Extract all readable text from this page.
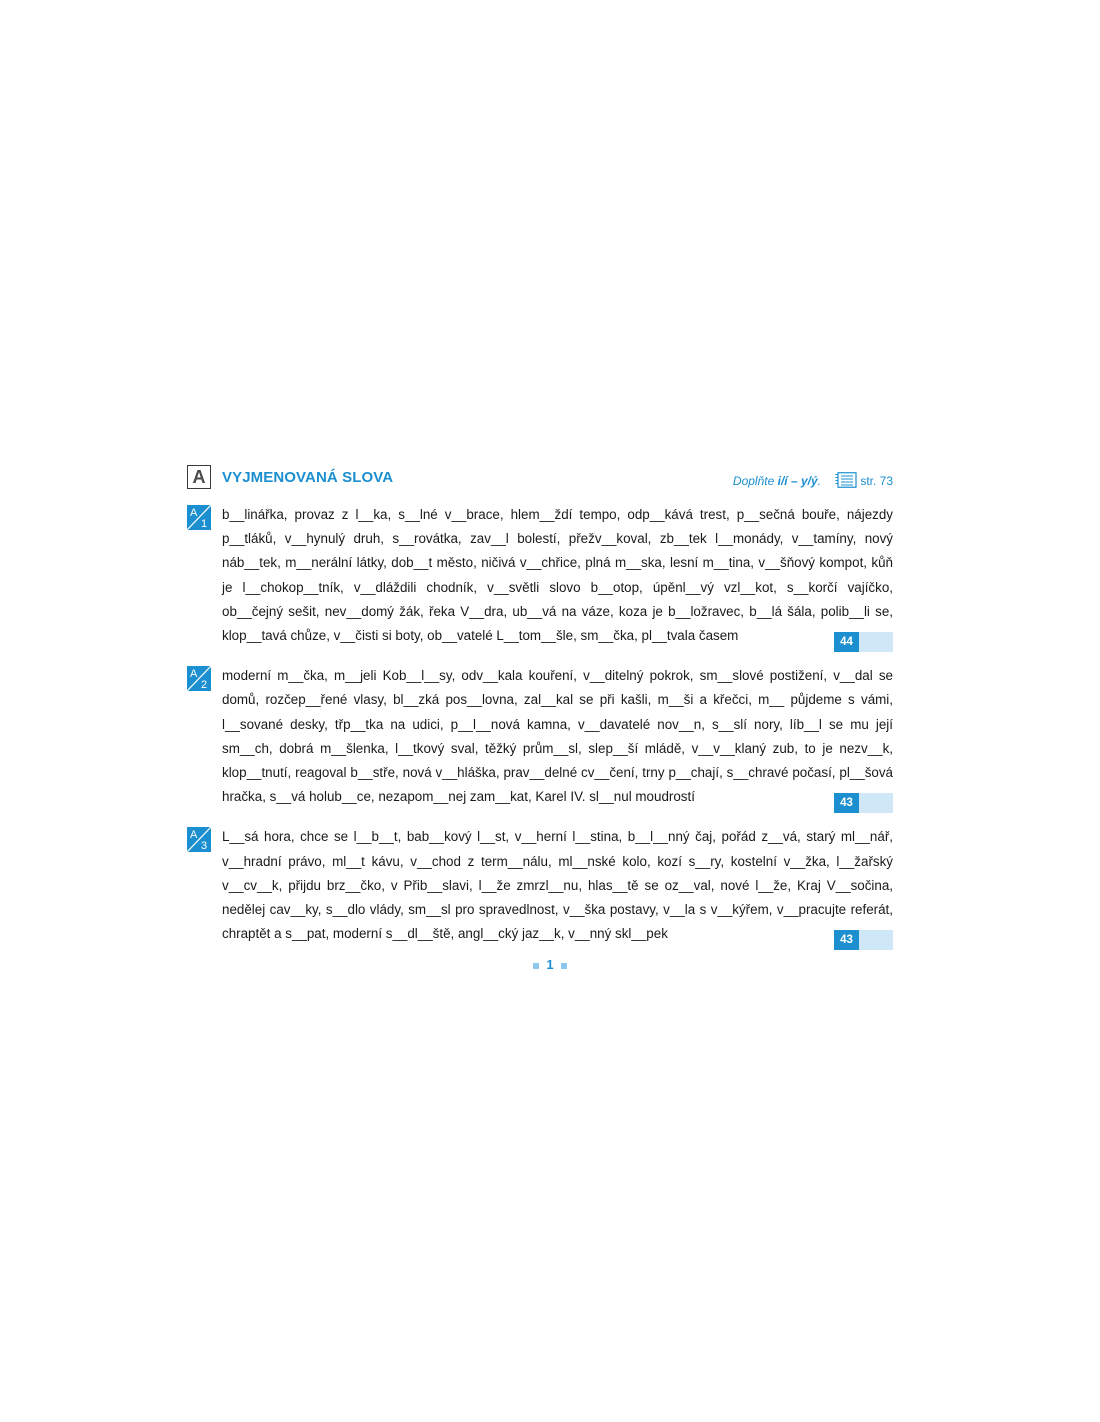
A	VYJMENOVANÁ SLOVA	Doplňte i/í – y/ý.	str. 73
A
1
b__linářka, provaz z l__ka, s__lné v__brace, hlem__ždí tempo, odp__kává trest, p__sečná bouře, nájezdy p__tláků, v__hynulý druh, s__rovátka, zav__l bolestí, přežv__koval, zb__tek l__monády, v__tamíny, nový náb__tek, m__nerální látky, dob__t město, ničivá v__chřice, plná m__ska, lesní m__tina, v__šňový kompot, kůň je l__chokop__tník, v__dláždili chodník, v__světli slovo b__otop, úpěnl__vý vzl__kot, s__korčí vajíčko, ob__čejný sešit, nev__domý žák, řeka V__dra, ub__vá na váze, koza je b__ložravec, b__lá šála, polib__li se, klop__tavá chůze, v__čisti si boty, ob__vatelé L__tom__šle, sm__čka, pl__tvala časem	44
A
2
moderní m__čka, m__jeli Kob__l__sy, odv__kala kouření, v__ditelný pokrok, sm__slové postižení, v__dal se domů, rozčep__řené vlasy, bl__zká pos__lovna, zal__kal se při kašli, m__ši a křečci, m__ půjdeme s vámi, l__sované desky, třp__tka na udici, p__l__nová kamna, v__davatelé nov__n, s__slí nory, líb__l se mu její sm__ch, dobrá m__šlenka, l__tkový sval, těžký prům__sl, slep__ší mládě, v__v__klaný zub, to je nezv__k, klop__tnutí, reagoval b__stře, nová v__hláška, prav__delné cv__čení, trny p__chají, s__chravé počasí, pl__šová hračka, s__vá holub__ce, nezapom__nej zam__kat, Karel IV. sl__nul moudrostí	43
A
3
L__sá hora, chce se l__b__t, bab__kový l__st, v__herní l__stina, b__l__nný čaj, pořád z__vá, starý ml__nář, v__hradní právo, ml__t kávu, v__chod z term__nálu, ml__nské kolo, kozí s__ry, kostelní v__žka, l__žařský v__cv__k, přijdu brz__čko, v Přib__slavi, l__že zmrzl__nu, hlas__tě se oz__val, nové l__že, Kraj V__sočina, nedělej cav__ky, s__dlo vlády, sm__sl pro spravedlnost, v__ška postavy, v__la s v__kýřem, v__pracujte referát, chraptět a s__pat, moderní s__dl__ště, angl__cký jaz__k, v__nný skl__pek	43
1
